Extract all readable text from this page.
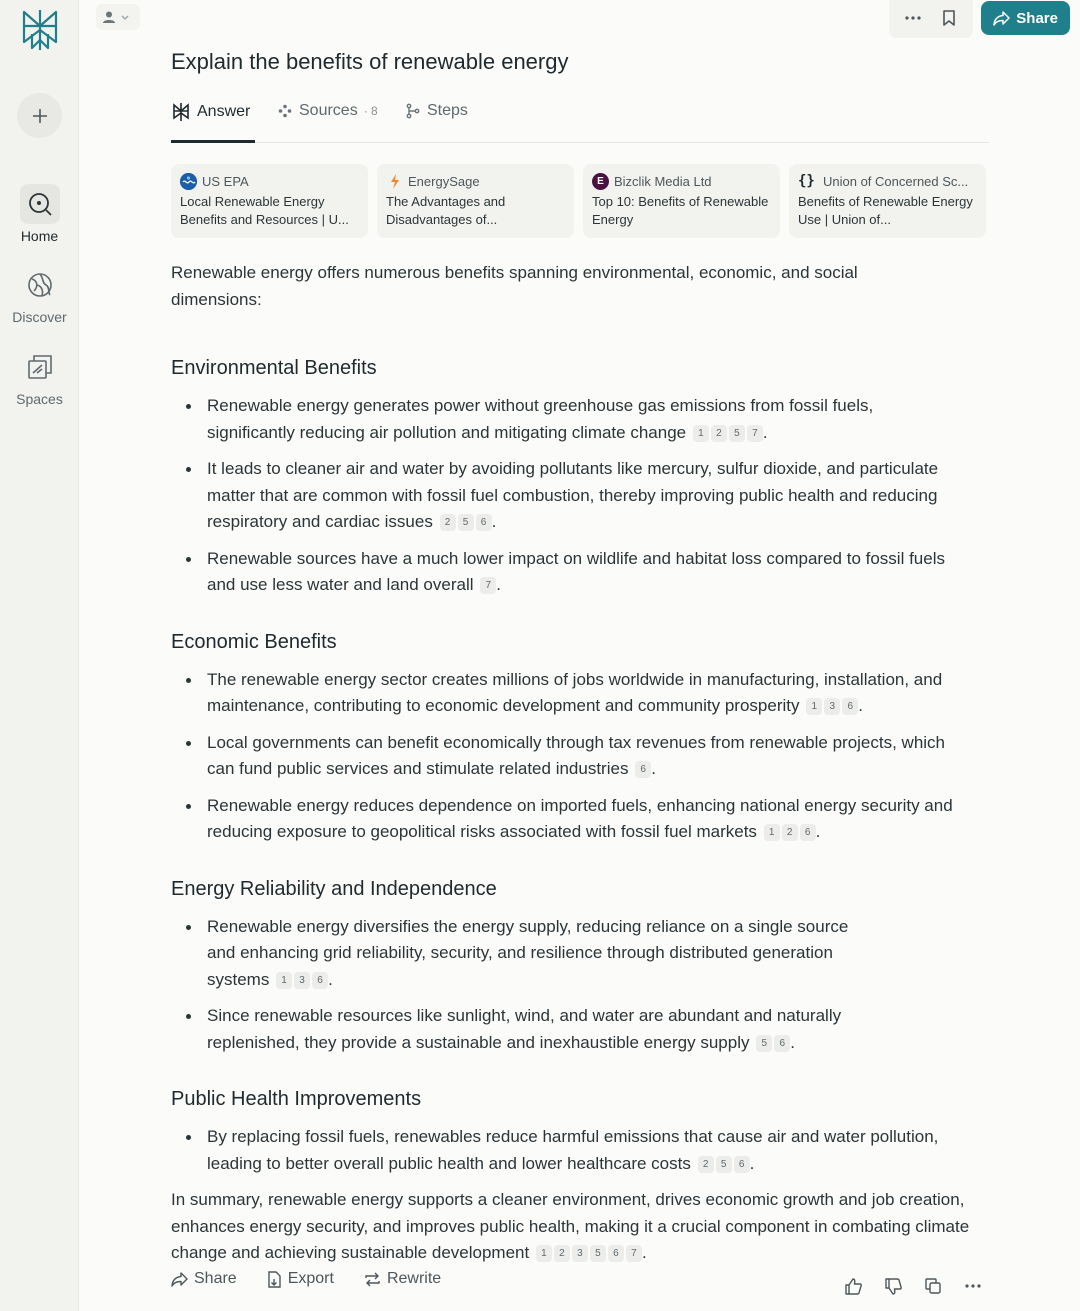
Home
Discover
Spaces
Share
Explain the benefits of renewable energy
Answer	Sources · 8	Steps
US EPA
Local Renewable Energy Benefits and Resources | U...
EnergySage
The Advantages and Disadvantages of...
E Bizclik Media Ltd
Top 10: Benefits of Renewable Energy
{} Union of Concerned Sc...
Benefits of Renewable Energy Use | Union of...

Renewable energy offers numerous benefits spanning environmental, economic, and social dimensions:

Environmental Benefits
Renewable energy generates power without greenhouse gas emissions from fossil fuels, significantly reducing air pollution and mitigating climate change 1 2 5 7 .
It leads to cleaner air and water by avoiding pollutants like mercury, sulfur dioxide, and particulate matter that are common with fossil fuel combustion, thereby improving public health and reducing respiratory and cardiac issues 2 5 6 .
Renewable sources have a much lower impact on wildlife and habitat loss compared to fossil fuels and use less water and land overall 7 .
Economic Benefits
The renewable energy sector creates millions of jobs worldwide in manufacturing, installation, and maintenance, contributing to economic development and community prosperity 1 3 6 .
Local governments can benefit economically through tax revenues from renewable projects, which can fund public services and stimulate related industries 6 .
Renewable energy reduces dependence on imported fuels, enhancing national energy security and reducing exposure to geopolitical risks associated with fossil fuel markets 1 2 6 .
Energy Reliability and Independence
Renewable energy diversifies the energy supply, reducing reliance on a single source and enhancing grid reliability, security, and resilience through distributed generation systems 1 3 6 .
Since renewable resources like sunlight, wind, and water are abundant and naturally replenished, they provide a sustainable and inexhaustible energy supply 5 6 .
Public Health Improvements
By replacing fossil fuels, renewables reduce harmful emissions that cause air and water pollution, leading to better overall public health and lower healthcare costs 2 5 6 .

In summary, renewable energy supports a cleaner environment, drives economic growth and job creation, enhances energy security, and improves public health, making it a crucial component in combating climate change and achieving sustainable development 1 2 3 5 6 7 .

Share	Export	Rewrite
